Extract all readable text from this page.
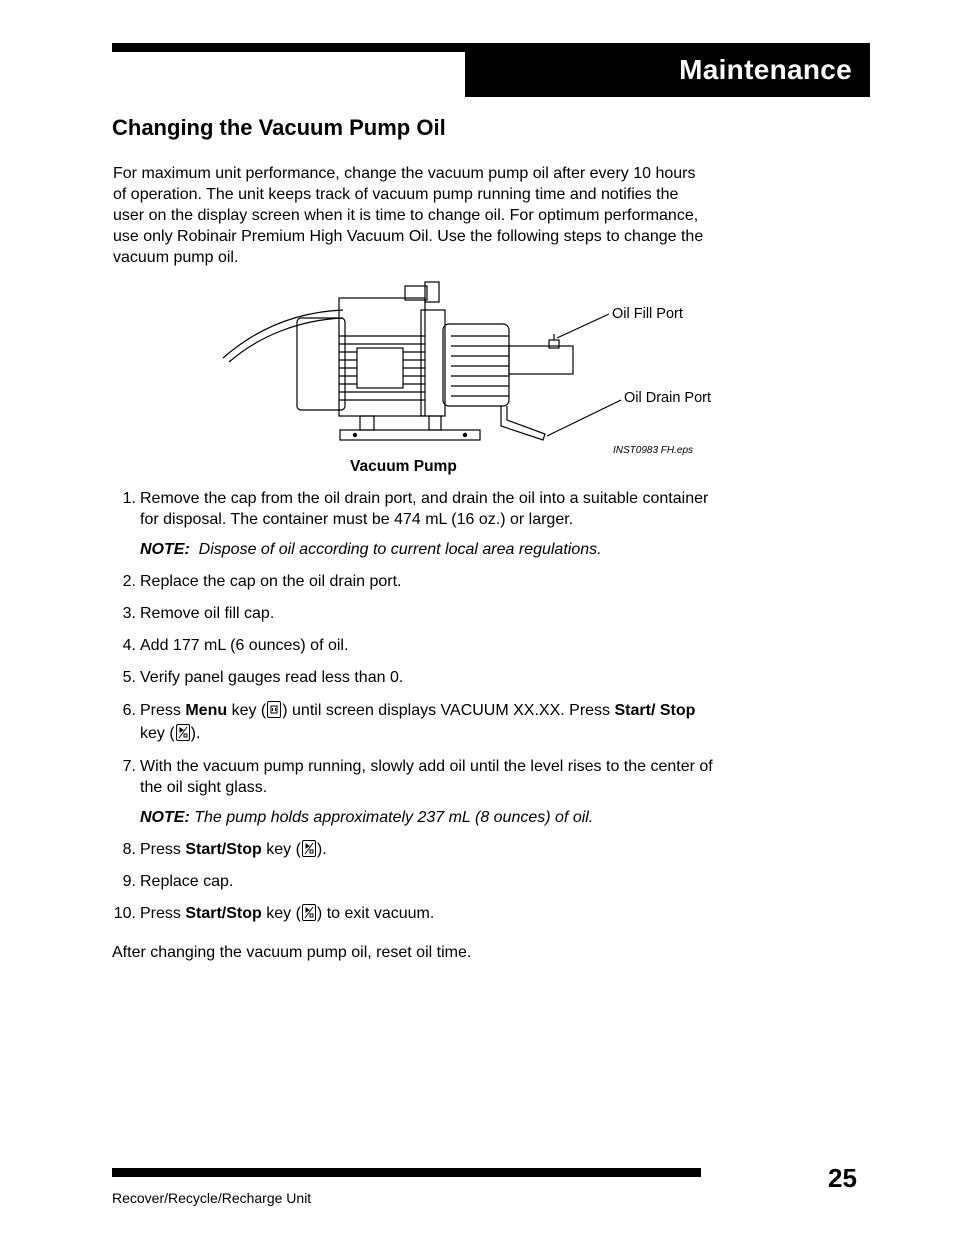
Maintenance
Changing the Vacuum Pump Oil

For maximum unit performance, change the vacuum pump oil after every 10 hours of operation. The unit keeps track of vacuum pump running time and notifies the user on the display screen when it is time to change oil. For optimum performance, use only Robinair Premium High Vacuum Oil. Use the following steps to change the vacuum pump oil.

Oil Fill Port
Oil Drain Port
INST0983 FH.eps
Vacuum Pump
1. Remove the cap from the oil drain port, and drain the oil into a suitable container for disposal. The container must be 474 mL (16 oz.) or larger.
NOTE: Dispose of oil according to current local area regulations.
2. Replace the cap on the oil drain port.
3. Remove oil fill cap.
4. Add 177 mL (6 ounces) of oil.
5. Verify panel gauges read less than 0.
6. Press Menu key ( ) until screen displays VACUUM XX.XX. Press Start/ Stop key ( ).
7. With the vacuum pump running, slowly add oil until the level rises to the center of the oil sight glass.
NOTE: The pump holds approximately 237 mL (8 ounces) of oil.
8. Press Start/Stop key ( ).
9. Replace cap.
10. Press Start/Stop key ( ) to exit vacuum.
After changing the vacuum pump oil, reset oil time.
25
Recover/Recycle/Recharge Unit
